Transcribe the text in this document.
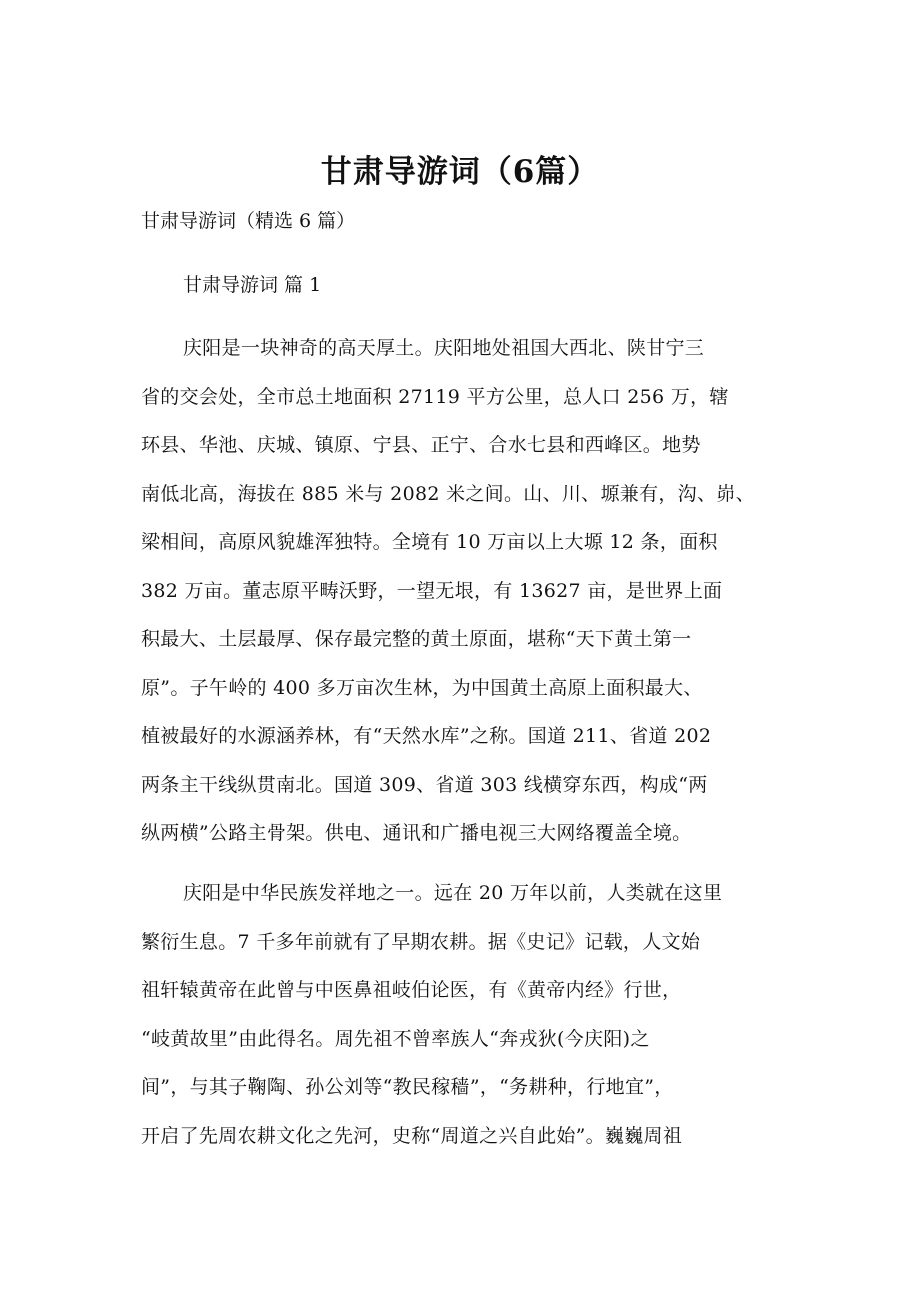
甘肃导游词（6篇）
甘肃导游词（精选 6 篇）
甘肃导游词 篇 1
庆阳是一块神奇的高天厚土。庆阳地处祖国大西北、陕甘宁三
省的交会处，全市总土地面积 27119 平方公里，总人口 256 万，辖
环县、华池、庆城、镇原、宁县、正宁、合水七县和西峰区。地势
南低北高，海拔在 885 米与 2082 米之间。山、川、塬兼有，沟、峁、
梁相间，高原风貌雄浑独特。全境有 10 万亩以上大塬 12 条，面积
382 万亩。董志原平畴沃野，一望无垠，有 13627 亩，是世界上面
积最大、土层最厚、保存最完整的黄土原面，堪称“天下黄土第一
原”。子午岭的 400 多万亩次生林，为中国黄土高原上面积最大、
植被最好的水源涵养林，有“天然水库”之称。国道 211、省道 202
两条主干线纵贯南北。国道 309、省道 303 线横穿东西，构成“两
纵两横”公路主骨架。供电、通讯和广播电视三大网络覆盖全境。
庆阳是中华民族发祥地之一。远在 20 万年以前，人类就在这里
繁衍生息。7 千多年前就有了早期农耕。据《史记》记载，人文始
祖轩辕黄帝在此曾与中医鼻祖岐伯论医，有《黄帝内经》行世，
“岐黄故里”由此得名。周先祖不曾率族人“奔戎狄(今庆阳)之
间”，与其子鞠陶、孙公刘等“教民稼穑”，“务耕种，行地宜”，
开启了先周农耕文化之先河，史称“周道之兴自此始”。巍巍周祖
